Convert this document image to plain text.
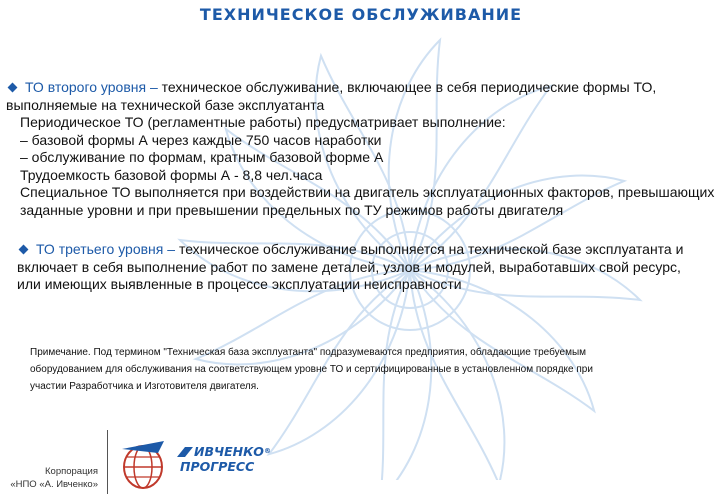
ТЕХНИЧЕСКОЕ ОБСЛУЖИВАНИЕ
ТО второго уровня – техническое обслуживание, включающее в себя периодические формы ТО,
выполняемые на технической базе эксплуатанта
Периодическое ТО (регламентные работы) предусматривает выполнение:
– базовой формы А через каждые 750 часов наработки
– обслуживание по формам, кратным базовой форме А
Трудоемкость базовой формы А - 8,8 чел.часа
Специальное ТО выполняется при воздействии на двигатель эксплуатационных факторов, превышающих
заданные уровни и при превышении предельных по ТУ режимов работы двигателя
ТО третьего уровня – техническое обслуживание выполняется на технической базе эксплуатанта и
включает в себя выполнение работ по замене деталей, узлов и модулей, выработавших свой ресурс,
или имеющих выявленные в процессе эксплуатации неисправности
Примечание. Под термином "Техническая база эксплуатанта" подразумеваются предприятия, обладающие требуемым
оборудованием для обслуживания на соответствующем уровне ТО и сертифицированные в установленном порядке при
участии Разработчика и Изготовителя двигателя.
Корпорация
«НПО «А. Ивченко»
ИВЧЕНКО ®
ПРОГРЕСС
